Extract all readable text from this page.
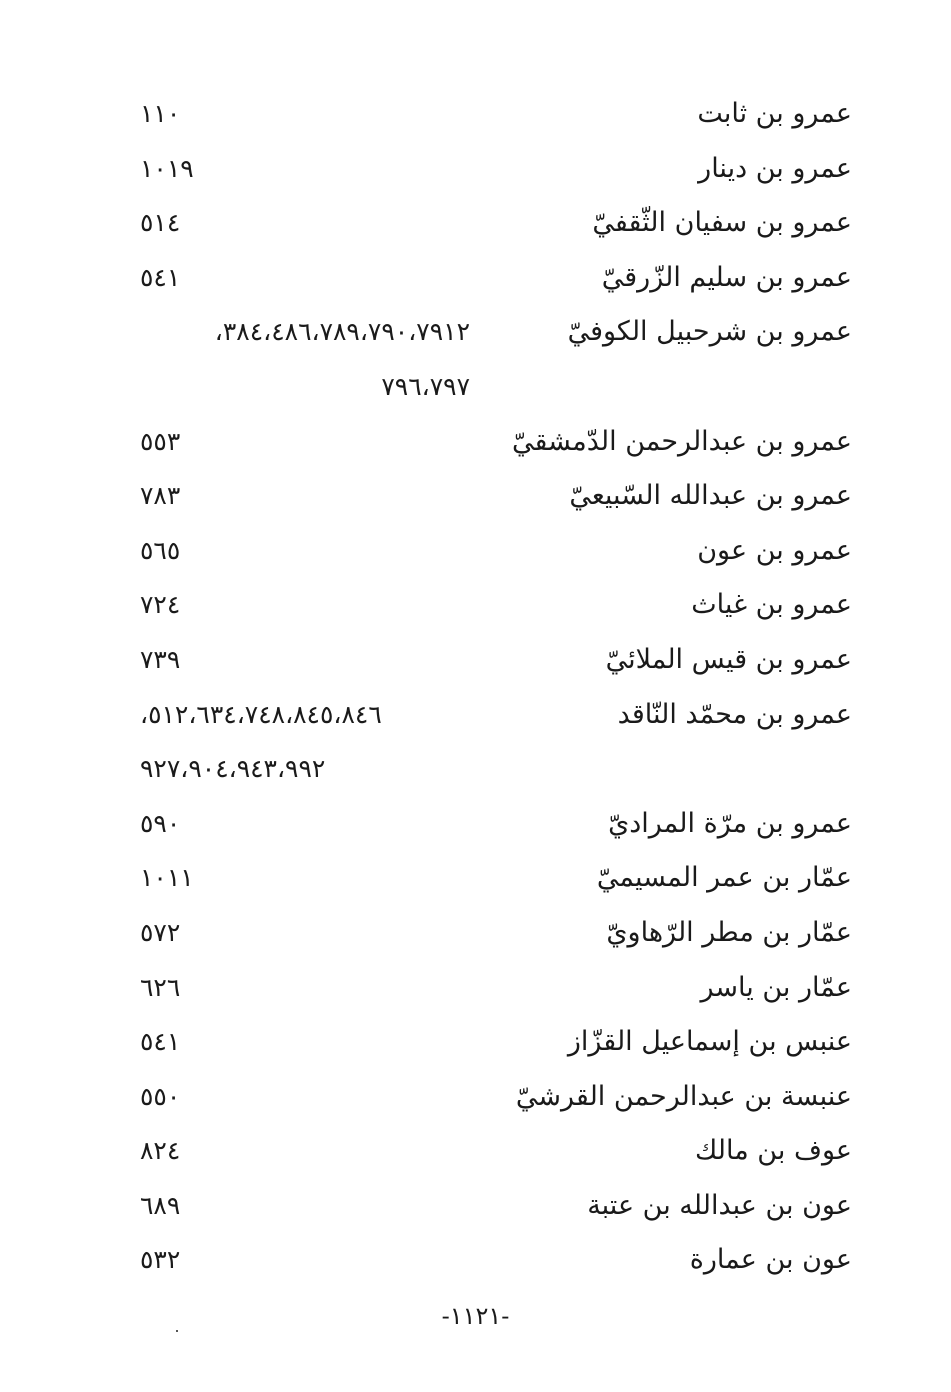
عمرو بن ثابت
١١٠
عمرو بن دينار
١٠١٩
عمرو بن سفيان الثّقفيّ
٥١٤
عمرو بن سليم الزّرقيّ
٥٤١
عمرو بن شرحبيل الكوفيّ
٣٨٤،٤٨٦،٧٨٩،٧٩٠،٧٩١٢،
٧٩٦،٧٩٧
عمرو بن عبدالرحمن الدّمشقيّ
٥٥٣
عمرو بن عبدالله السّبيعيّ
٧٨٣
عمرو بن عون
٥٦٥
عمرو بن غياث
٧٢٤
عمرو بن قيس الملائيّ
٧٣٩
عمرو بن محمّد النّاقد
٥١٢،٦٣٤،٧٤٨،٨٤٥،٨٤٦،
٩٢٧،٩٠٤،٩٤٣،٩٩٢
عمرو بن مرّة المراديّ
٥٩٠
عمّار بن عمر المسيميّ
١٠١١
عمّار بن مطر الرّهاويّ
٥٧٢
عمّار بن ياسر
٦٢٦
عنبس بن إسماعيل القزّاز
٥٤١
عنبسة بن عبدالرحمن القرشيّ
٥٥٠
عوف بن مالك
٨٢٤
عون بن عبدالله بن عتبة
٦٨٩
عون بن عمارة
٥٣٢
-١١٢١-
